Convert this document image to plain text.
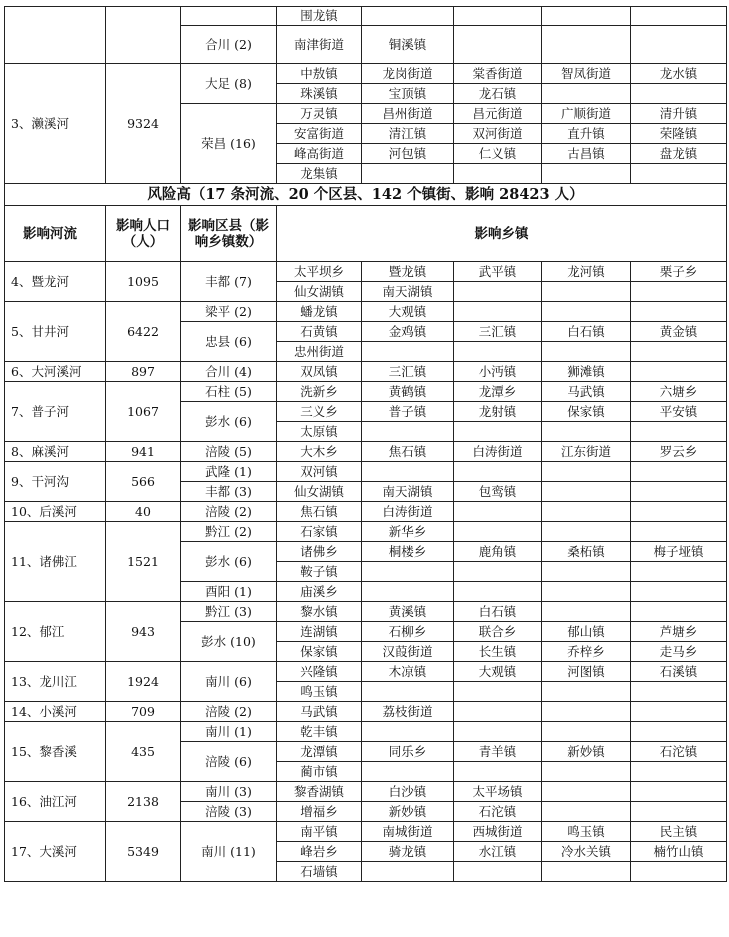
			围龙镇				
		合川 (2)	南津街道	铜溪镇			
3、濑溪河	9324	大足 (8)	中敖镇	龙岗街道	棠香街道	智凤街道	龙水镇
			珠溪镇	宝顶镇	龙石镇		
		荣昌 (16)	万灵镇	昌州街道	昌元街道	广顺街道	清升镇
			安富街道	清江镇	双河街道	直升镇	荣隆镇
			峰高街道	河包镇	仁义镇	古昌镇	盘龙镇
			龙集镇				
风险高（17 条河流、20 个区县、142 个镇街、影响 28423 人）							
影响河流	影响人口（人）	影响区县（影响乡镇数）	影响乡镇				
4、暨龙河	1095	丰都 (7)	太平坝乡	暨龙镇	武平镇	龙河镇	栗子乡
			仙女湖镇	南天湖镇			
5、甘井河	6422	梁平 (2)	蟠龙镇	大观镇			
		忠县 (6)	石黄镇	金鸡镇	三汇镇	白石镇	黄金镇
			忠州街道				
6、大河溪河	897	合川 (4)	双凤镇	三汇镇	小沔镇	狮滩镇	
7、普子河	1067	石柱 (5)	洗新乡	黄鹤镇	龙潭乡	马武镇	六塘乡
		彭水 (6)	三义乡	普子镇	龙射镇	保家镇	平安镇
			太原镇				
8、麻溪河	941	涪陵 (5)	大木乡	焦石镇	白涛街道	江东街道	罗云乡
9、干河沟	566	武隆 (1)	双河镇				
		丰都 (3)	仙女湖镇	南天湖镇	包鸾镇		
10、后溪河	40	涪陵 (2)	焦石镇	白涛街道			
11、诸佛江	1521	黔江 (2)	石家镇	新华乡			
		彭水 (6)	诸佛乡	桐楼乡	鹿角镇	桑柘镇	梅子垭镇
			鞍子镇				
		酉阳 (1)	庙溪乡				
12、郁江	943	黔江 (3)	黎水镇	黄溪镇	白石镇		
		彭水 (10)	连湖镇	石柳乡	联合乡	郁山镇	芦塘乡
			保家镇	汉葭街道	长生镇	乔梓乡	走马乡
13、龙川江	1924	南川 (6)	兴隆镇	木凉镇	大观镇	河图镇	石溪镇
			鸣玉镇				
14、小溪河	709	涪陵 (2)	马武镇	荔枝街道			
15、黎香溪	435	南川 (1)	乾丰镇				
		涪陵 (6)	龙潭镇	同乐乡	青羊镇	新妙镇	石沱镇
			蔺市镇				
16、油江河	2138	南川 (3)	黎香湖镇	白沙镇	太平场镇		
		涪陵 (3)	增福乡	新妙镇	石沱镇		
17、大溪河	5349	南川 (11)	南平镇	南城街道	西城街道	鸣玉镇	民主镇
			峰岩乡	骑龙镇	水江镇	冷水关镇	楠竹山镇
			石墙镇				
